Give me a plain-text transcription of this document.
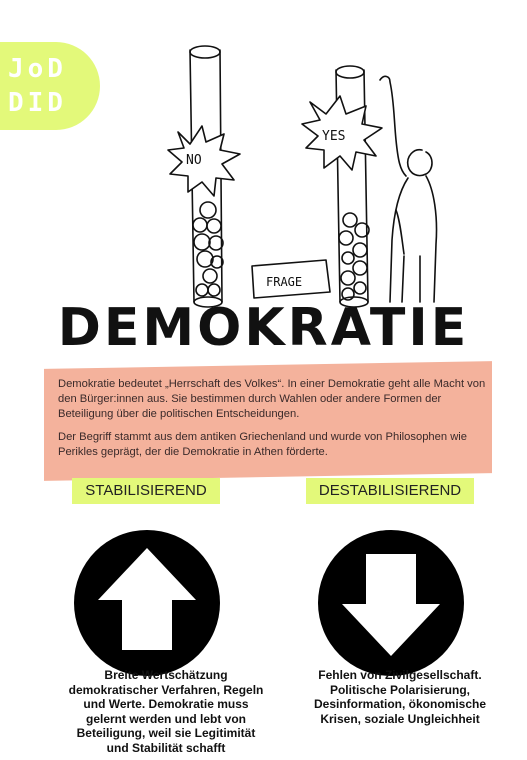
JoD
DID
NO
YES
FRAGE
DEMOKRATIE

Demokratie bedeutet „Herrschaft des Volkes“. In einer Demokratie geht alle Macht von den Bürger:innen aus. Sie bestimmen durch Wahlen oder andere Formen der Beteiligung über die politischen Entscheidungen.

Der Begriff stammt aus dem antiken Griechenland und wurde von Philosophen wie Perikles geprägt, der die Demokratie in Athen förderte.

STABILISIEREND	DESTABILISIEREND
Breite Wertschätzung demokratischer Verfahren, Regeln und Werte. Demokratie muss gelernt werden und lebt von Beteiligung, weil sie Legitimität und Stabilität schafft
Fehlen von Zivilgesellschaft. Politische Polarisierung, Desinformation, ökonomische Krisen, soziale Ungleichheit
